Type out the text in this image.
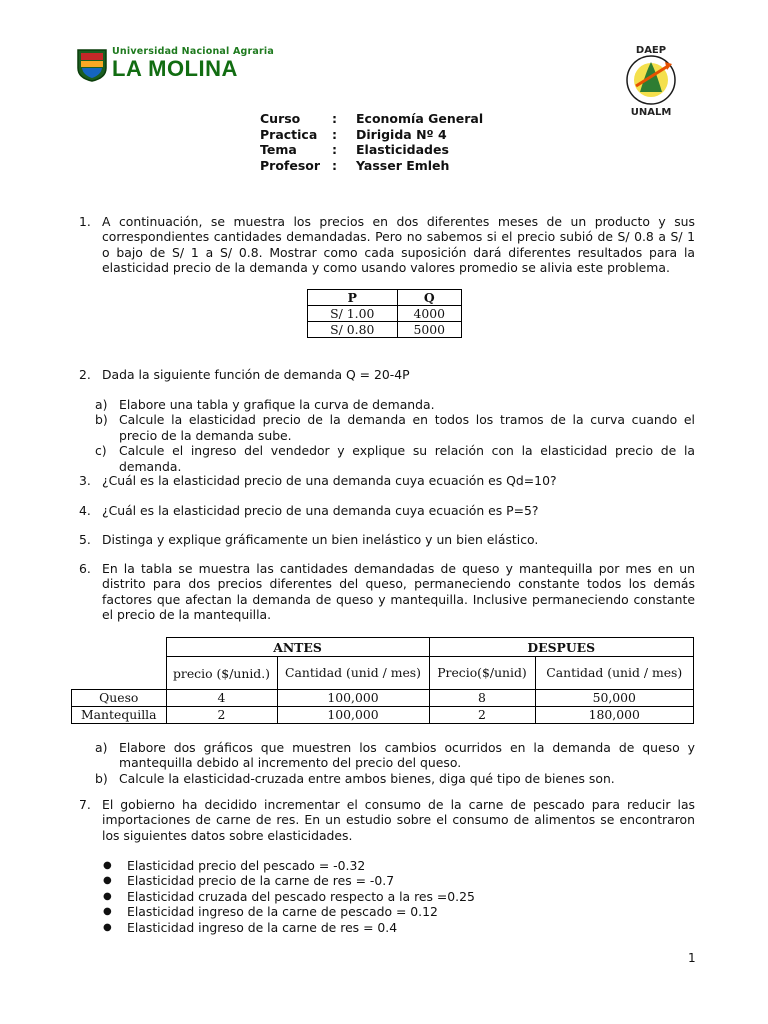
Universidad Nacional Agraria
LA MOLINA
DAEP
UNALM
Curso	:	Economía General
Practica	:	Dirigida Nº 4
Tema	:	Elasticidades
Profesor :	Yasser Emleh
1. A continuación, se muestra los precios en dos diferentes meses de un producto y sus correspondientes cantidades demandadas. Pero no sabemos si el precio subió de S/ 0.8 a S/ 1 o bajo de S/ 1 a S/ 0.8. Mostrar como cada suposición dará diferentes resultados para la elasticidad precio de la demanda y como usando valores promedio se alivia este problema.
P	Q
S/ 1.00	4000
S/ 0.80	5000
2. Dada la siguiente función de demanda Q = 20-4P
a) Elabore una tabla y grafique la curva de demanda.
b) Calcule la elasticidad precio de la demanda en todos los tramos de la curva cuando el precio de la demanda sube.
c) Calcule el ingreso del vendedor y explique su relación con la elasticidad precio de la demanda.
3. ¿Cuál es la elasticidad precio de una demanda cuya ecuación es Qd=10?
4. ¿Cuál es la elasticidad precio de una demanda cuya ecuación es P=5?
5. Distinga y explique gráficamente un bien inelástico y un bien elástico.
6. En la tabla se muestra las cantidades demandadas de queso y mantequilla por mes en un distrito para dos precios diferentes del queso, permaneciendo constante todos los demás factores que afectan la demanda de queso y mantequilla. Inclusive permaneciendo constante el precio de la mantequilla.
	ANTES		DESPUES	
	precio ($/unid.)	Cantidad (unid / mes)	Precio($/unid)	Cantidad (unid / mes)
Queso	4	100,000	8	50,000
Mantequilla	2	100,000	2	180,000
a) Elabore dos gráficos que muestren los cambios ocurridos en la demanda de queso y mantequilla debido al incremento del precio del queso.
b) Calcule la elasticidad-cruzada entre ambos bienes, diga qué tipo de bienes son.
7. El gobierno ha decidido incrementar el consumo de la carne de pescado para reducir las importaciones de carne de res. En un estudio sobre el consumo de alimentos se encontraron los siguientes datos sobre elasticidades.
●	Elasticidad precio del pescado = -0.32
●	Elasticidad precio de la carne de res = -0.7
●	Elasticidad cruzada del pescado respecto a la res =0.25
●	Elasticidad ingreso de la carne de pescado = 0.12
●	Elasticidad ingreso de la carne de res = 0.4
1
